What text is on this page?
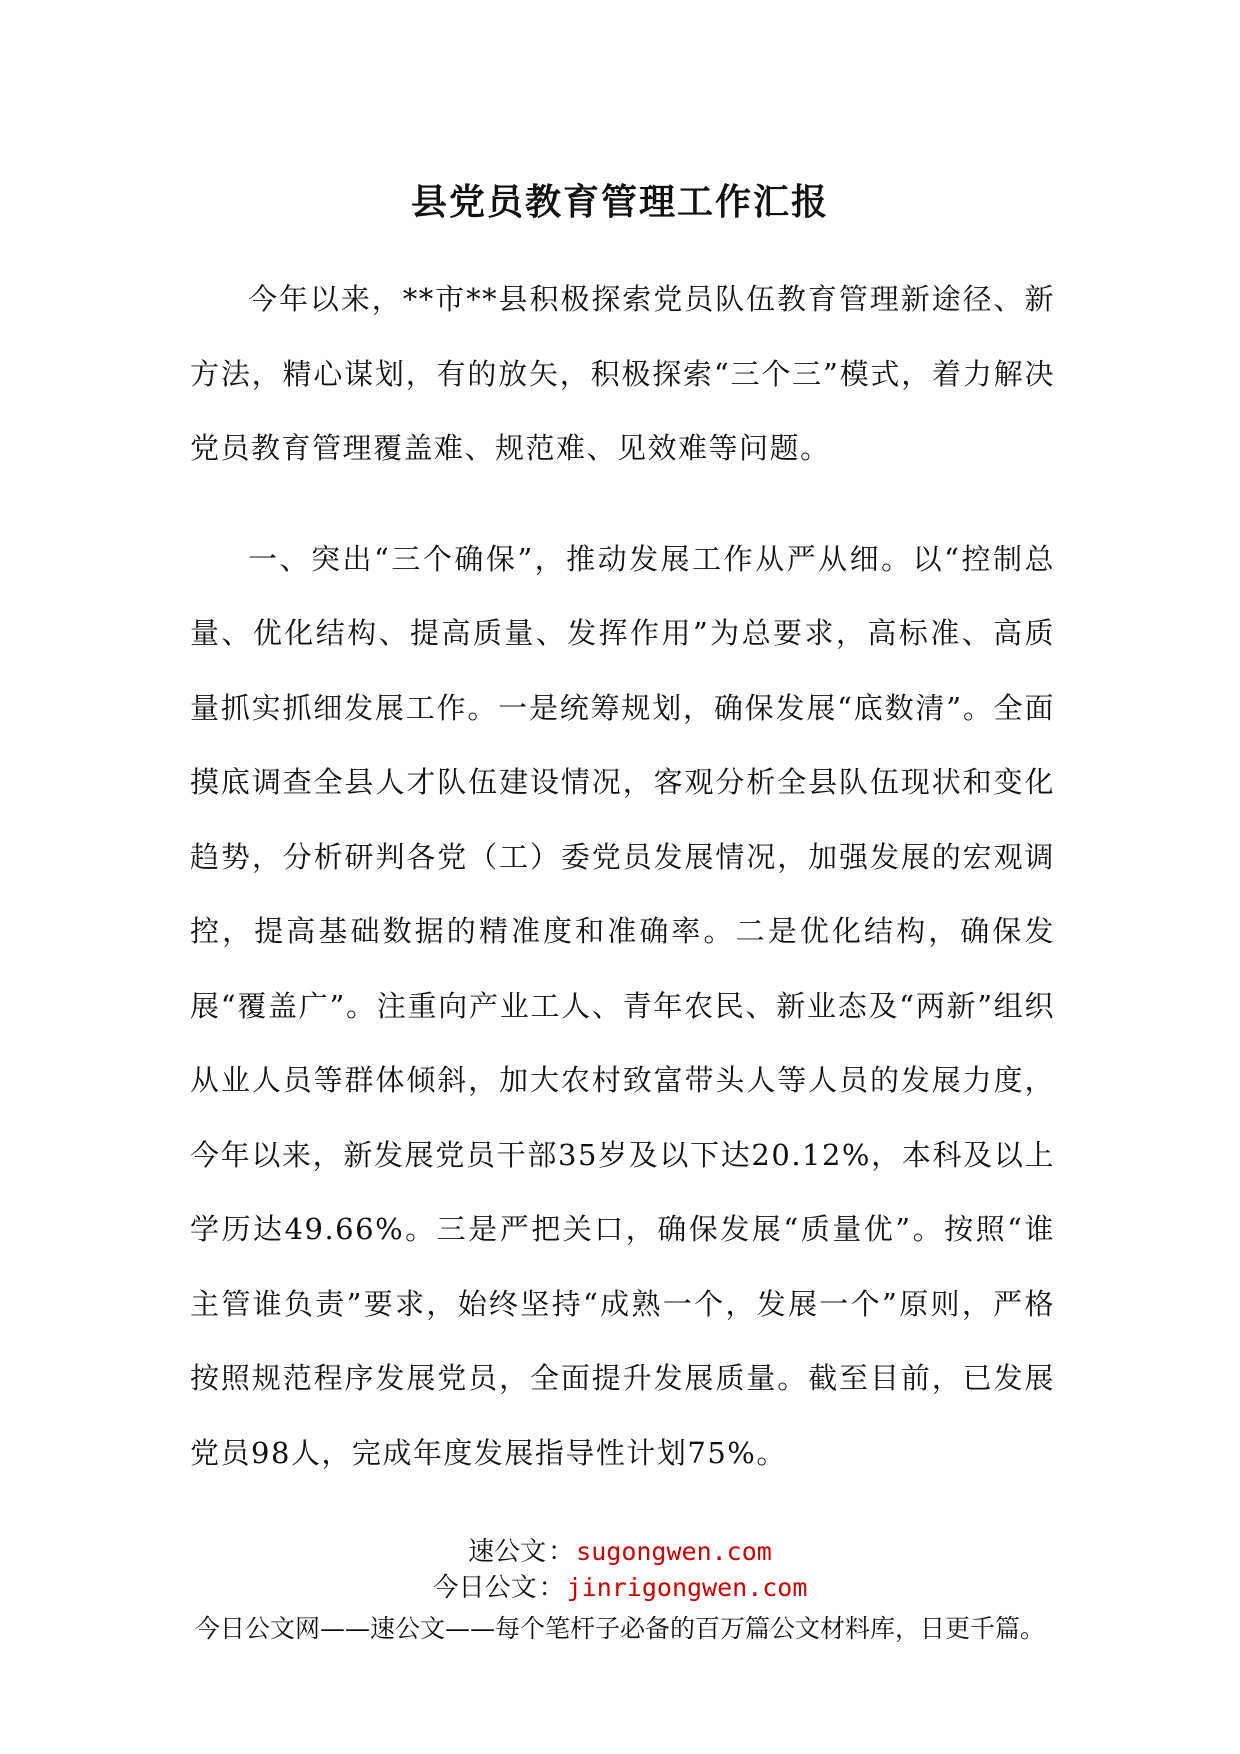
县党员教育管理工作汇报

今年以来，**市**县积极探索党员队伍教育管理新途径、新方法，精心谋划，有的放矢，积极探索“三个三”模式，着力解决党员教育管理覆盖难、规范难、见效难等问题。

一、突出“三个确保”，推动发展工作从严从细。以“控制总量、优化结构、提高质量、发挥作用”为总要求，高标准、高质量抓实抓细发展工作。一是统筹规划，确保发展“底数清”。全面摸底调查全县人才队伍建设情况，客观分析全县队伍现状和变化趋势，分析研判各党（工）委党员发展情况，加强发展的宏观调控，提高基础数据的精准度和准确率。二是优化结构，确保发展“覆盖广”。注重向产业工人、青年农民、新业态及“两新”组织从业人员等群体倾斜，加大农村致富带头人等人员的发展力度，今年以来，新发展党员干部35岁及以下达20.12%，本科及以上学历达49.66%。三是严把关口，确保发展“质量优”。按照“谁主管谁负责”要求，始终坚持“成熟一个，发展一个”原则，严格按照规范程序发展党员，全面提升发展质量。截至目前，已发展党员98人，完成年度发展指导性计划75%。

速公文：sugongwen.com
今日公文：jinrigongwen.com
今日公文网——速公文——每个笔杆子必备的百万篇公文材料库，日更千篇。
